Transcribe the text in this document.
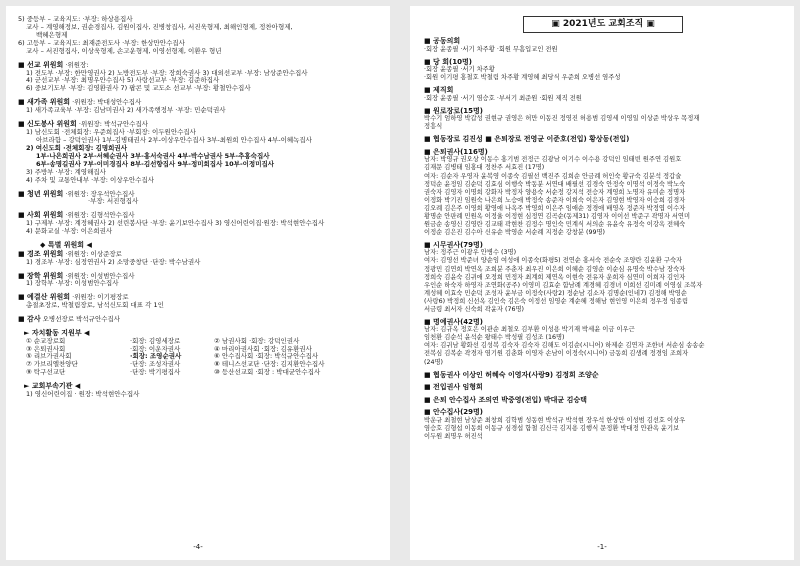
5) 중등부 – 교육지도: ·부장: 하상용집사
교사 – 계영해정보, 권순경집사, 김원이집사, 진병창집사, 서진욱형제, 최해인형제, 정찬아형제,
백혜은형제
6) 고등부 – 교육지도: 최재준전도사 ·부장: 한상만안수집사
교사 – 서진형집사, 이상욱형제, 손고운형제, 이영선형제, 이환우 형년
■ 선교 위원회 ·위원장:
1) 전도부 ·부장: 한만영권사 2) 노방전도부 ·부장: 장희숙권사 3) 대외선교부 ·부장: 남상준안수집사
4) 군선교부 ·부장: 최명우안수집사 5) 사랑선교부 ·부장: 김준하집사
6) 중보기도부 ·부장: 김영환권사 7) 팝콘 및 교도소 선교부 ·부장: 황철안수집사
■ 새가족 위원회 ·위원장: 박대성안수집사
1) 새가족교육부 ·부장: 김남미권사 2) 새가족행정부 ·부장: 민순덕권사
■ 신도봉사 위원회 ·위원장: 박석규안수집사
1) 남신도회 ·전체회장: 우준희집사 ·부회장: 이두원안수집사
아브라함 – 강덕인권사 1부-김병태권사 2부-이상우안수집사 3부-최원희 안수집사 4부-이혜녹집사
2) 여신도회 ·전체회장: 김명희권사
1부-나은희권사 2부-서혜순권사 3부-홍서숙권사 4부-박수남권사 5부-추홍숙집사
6부-송명길권사 7부-이미경집사 8부-김선향집사 9부-정미희집사 10부-이정미집사
3) 주방부 ·부장: 계영해집사
4) 주차 및 교통안내부 ·부장: 이상우안수집사
■ 청년 위원회 ·위원장: 장우석안수집사
·부장: 서진형집사
■ 사회 위원회 ·위원장: 김형석안수집사
1) 구제부 ·부장: 계정혜권사 2) 선린봉사단 ·부장: 윤기보안수집사 3) 영신어린이집·원장: 박석현안수집사
4) 문화교실 ·부장: 이은희권사
◆ 특별 위원회 ◀
■ 경조 위원회 ·위원장: 이상준장로
1) 경조부 ·부장: 심정연권사 2) 소망중창단 ·단장: 박수남권사
■ 장학 위원회 ·위원장: 이성범안수집사
1) 장학부 ·부장: 이성범안수집사
■ 예결산 위원회 ·위원장: 이기평장로
총절초장로, 박철림장로, 남석신도회 대표 각 1인
■ 감사 오병선장로 박석규안수집사
► 자치활동 지원부 ◀
① 순교장로회	·회장: 김영세장로	② 남권사회 ·회장: 강덕인권사
③ 은퇴권사회	·회장: 이운자권사	④ 마리아권사회 ·회장: 김유환권사
⑤ 리브가권사회	·회장: 조영순권사	⑥ 안수집사회 ·회장: 박석규안수집사
⑦ 가브리엘찬양단	·단장: 조성자권사	⑧ 테니스선교단 ·단장: 김지환안수집사
⑨ 탁구선교단	·단장: 박기평집사	⑩ 등산선교회 ·회장 : 박대균안수집사
► 교회부속기관 ◀
1) 영신어린이집 · 원장: 박석현안수집사
-4-
▣ 2021년도 교회조직 ▣
■ 공동의회
·회장 윤종필 ·서기 차주황 ·회원 무흠입교인 전원
■ 당 회(10명)
·회장 윤종필 ·서기 차주황
·회원 이기평 홍철호 박철림 차주황 계영혜 최당식 우준희 오병선 염주성
■ 제직회
·회장 윤종필 ·서기 염승호 ·부서기 최준원 ·회원 제직 전원
■ 원로장로(15명)
박수기 엄하영 박갑성 권현규 권영은 허만 이동진 정영진 허용범 김영세 이영일 이상준 박상우 목정재
정흥식
■ 협동장로 김진성 ■ 은퇴장로 전영균 이준호(전입) 황상동(전입)
■ 은퇴권사(116명)
남자: 박영규 권오상 이동수 홍기범 전정근 김광남 이기수 이수용 강덕인 임태빈 원주연 김원호
김재문 김병태 임홍대 정찬주 서효진 (17명)
여자: 김순자 우영자 윤복영 이종숙 김필선 백진주 김희순 안금례 허인숙 황규숙 김분석 정갑술
정덕순 윤정임 김순덕 김효심 이행숙 박동분 서연대 배필선 김경숙 안정숙 이명석 이정숙 박노숙
권숙자 김영자 이명희 강화자 박정자 양용숙 서순정 강지석 전승자 계영희 노명자 유미순 정명자
이정화 박기진 임원숙 나은희 노승애 박정숙 송준자 이희숙 이은자 김영현 박영자 이승희 김경자
김오례 김은주 이영희 황영애 나옥주 박영희 이은주 임애순 정경애 배영옥 정준자 박정엽 이수자
황명순 안판례 민원옥 이정율 이정현 심정연 김곡순(동제31) 김영자 이이선 박준구 곽명자 서연미
원금순 송영신 김영란 김교태 곽현찬 김정수 명인숙 민계식 서의순 유윤숙 유정숙 이강옥 전혜숙
이정순 김은진 김수아 신유순 박영순 서순례 지정순 강창분 (99명)
■ 시무권사(79명)
남자: 정주근 이광우 안병수 (3명)
여자: 김영선 박준녀 양순임 여성애 이종숙(화평5) 전연순 홍서숙 전순숙 조양란 김윤환 구숙자
정광민 김연희 박연옥 조희분 주춘자 최우진 이은희 이혜순 김영순 이순심 유명숙 박수남 장숙자
정희숙 김윤숙 김귀애 오정희 민정자 최계희 제연옥 이현숙 전유자 운희자 심연미 이희자 김인자
우인순 하숙자 하영자 조연화(공주) 이영미 김효순 함남례 계경혜 김경녀 이희선 김미례 이영실 조복자
계성혜 이효숙 민순덕 조성자 윤부금 이정숙(사랑2) 정순남 김소자 김명순(인네7) 김정해 박영순
(사랑6) 박정희 신선옥 김인숙 김은숙 이정선 임영순 계순혜 정해남 현인영 이은희 정우정 임종림
서금령 최서자 신숙희 곽윤자 (76명)
■ 명예권사(42명)
남자: 김규옥 정호은 이관순 최철오 김부환 이성용 박기재 박세윤 이금 이우근
임천환 김순석 윤석순 왕태수 박성필 김성조 (16명)
여자: 김귀남 황화선 김성복 김숙자 김숙자 김해도 이김순(시니어) 하제순 김연자 조한녀 서순심 송송순
전복심 김복순 곽경자 염기원 김춘화 이영자 손남이 이정숙(시니어) 금동희 김생례 정경임 조희자
(24명)
■ 협동권사 이상인 허혜숙 이영자(사랑9) 김정희 조양순
■ 전입권사 임형희
■ 은퇴 안수집사 조의연 박중영(전입) 박대균 김승택
■ 안수집사(29명)
박운규 최철현 남상준 최창희 김학범 성동현 박석규 박석현 장우석 한상만 이성범 김선호 이상우
염승호 김형섭 이동희 이동규 심경섭 함철 김신극 김지용 김행식 문정환 박대정 안관옥 윤기보
이두원 최명우 허진석
-1-
